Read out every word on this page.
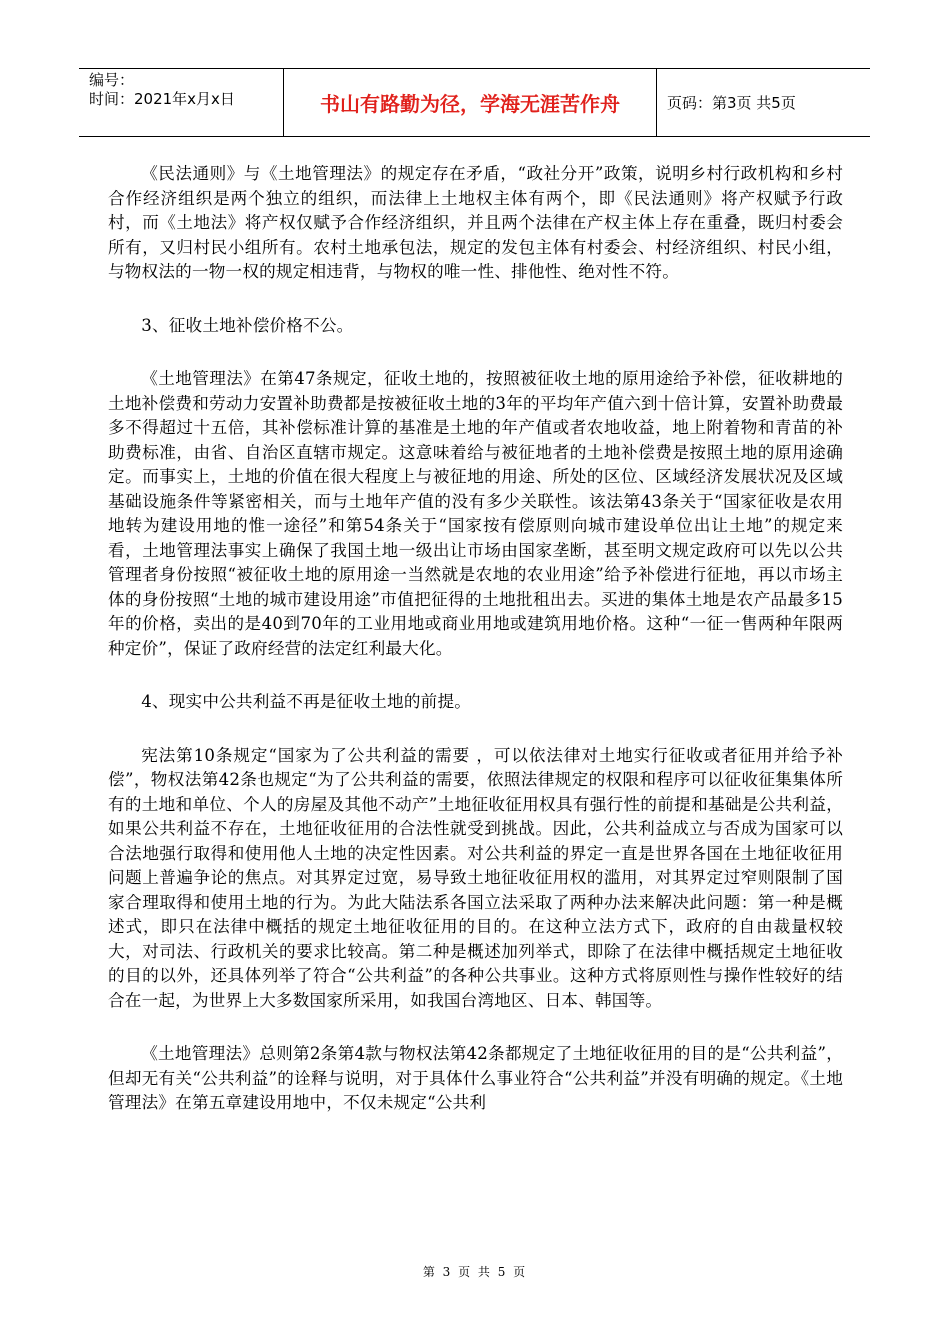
编号：
时间：2021年x月x日	书山有路勤为径，学海无涯苦作舟	页码：第3页 共5页

《民法通则》与《土地管理法》的规定存在矛盾，“政社分开”政策，说明乡村行政机构和乡村合作经济组织是两个独立的组织，而法律上土地权主体有两个，即《民法通则》将产权赋予行政村，而《土地法》将产权仅赋予合作经济组织，并且两个法律在产权主体上存在重叠，既归村委会所有，又归村民小组所有。农村土地承包法，规定的发包主体有村委会、村经济组织、村民小组，与物权法的一物一权的规定相违背，与物权的唯一性、排他性、绝对性不符。

3、征收土地补偿价格不公。

《土地管理法》在第47条规定，征收土地的，按照被征收土地的原用途给予补偿，征收耕地的土地补偿费和劳动力安置补助费都是按被征收土地的3年的平均年产值六到十倍计算，安置补助费最多不得超过十五倍，其补偿标准计算的基准是土地的年产值或者农地收益，地上附着物和青苗的补助费标准，由省、自治区直辖市规定。这意味着给与被征地者的土地补偿费是按照土地的原用途确定。而事实上，土地的价值在很大程度上与被征地的用途、所处的区位、区域经济发展状况及区域基础设施条件等紧密相关，而与土地年产值的没有多少关联性。该法第43条关于“国家征收是农用地转为建设用地的惟一途径”和第54条关于“国家按有偿原则向城市建设单位出让土地”的规定来看，土地管理法事实上确保了我国土地一级出让市场由国家垄断，甚至明文规定政府可以先以公共管理者身份按照“被征收土地的原用途一当然就是农地的农业用途”给予补偿进行征地，再以市场主体的身份按照“土地的城市建设用途”市值把征得的土地批租出去。买进的集体土地是农产品最多15年的价格，卖出的是40到70年的工业用地或商业用地或建筑用地价格。这种“一征一售两种年限两种定价”，保证了政府经营的法定红利最大化。

4、现实中公共利益不再是征收土地的前提。

宪法第10条规定“国家为了公共利益的需要 ，可以依法律对土地实行征收或者征用并给予补偿”，物权法第42条也规定“为了公共利益的需要，依照法律规定的权限和程序可以征收征集集体所有的土地和单位、个人的房屋及其他不动产”土地征收征用权具有强行性的前提和基础是公共利益，如果公共利益不存在，土地征收征用的合法性就受到挑战。因此，公共利益成立与否成为国家可以合法地强行取得和使用他人土地的决定性因素。对公共利益的界定一直是世界各国在土地征收征用问题上普遍争论的焦点。对其界定过宽，易导致土地征收征用权的滥用，对其界定过窄则限制了国家合理取得和使用土地的行为。为此大陆法系各国立法采取了两种办法来解决此问题：第一种是概述式，即只在法律中概括的规定土地征收征用的目的。在这种立法方式下，政府的自由裁量权较大，对司法、行政机关的要求比较高。第二种是概述加列举式，即除了在法律中概括规定土地征收的目的以外，还具体列举了符合“公共利益”的各种公共事业。这种方式将原则性与操作性较好的结合在一起，为世界上大多数国家所采用，如我国台湾地区、日本、韩国等。

《土地管理法》总则第2条第4款与物权法第42条都规定了土地征收征用的目的是“公共利益”，但却无有关“公共利益”的诠释与说明，对于具体什么事业符合“公共利益”并没有明确的规定。《土地管理法》在第五章建设用地中，不仅未规定“公共利

第 3 页 共 5 页
